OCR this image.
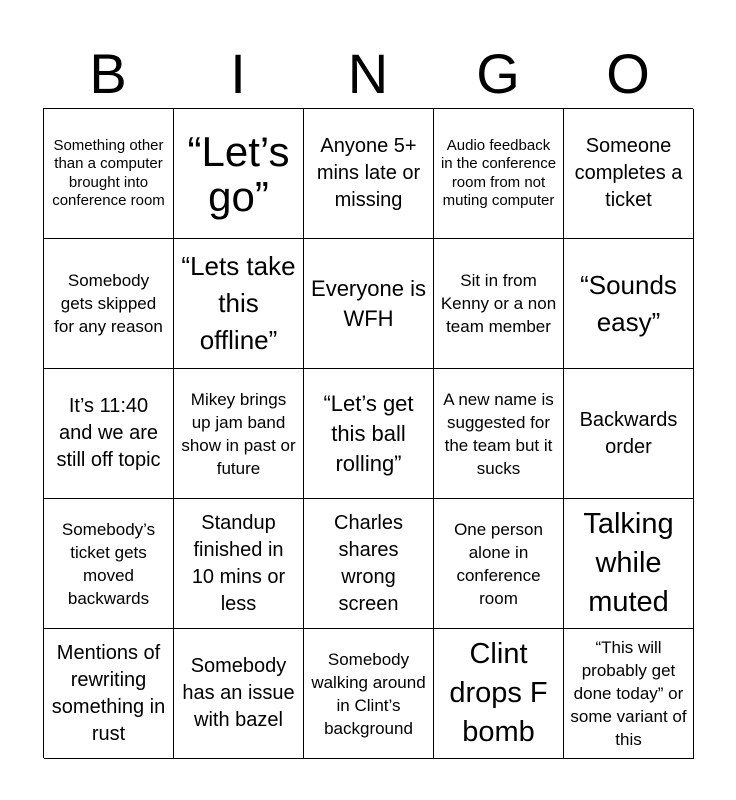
B	I	N	G	O
Something other than a computer brought into conference room
“Let’s go”
Anyone 5+ mins late or missing
Audio feedback in the conference room from not muting computer
Someone completes a ticket
Somebody gets skipped for any reason
“Lets take this offline”
Everyone is WFH
Sit in from Kenny or a non team member
“Sounds easy”
It’s 11:40 and we are still off topic
Mikey brings up jam band show in past or future
“Let’s get this ball rolling”
A new name is suggested for the team but it sucks
Backwards order
Somebody’s ticket gets moved backwards
Standup finished in 10 mins or less
Charles shares wrong screen
One person alone in conference room
Talking while muted
Mentions of rewriting something in rust
Somebody has an issue with bazel
Somebody walking around in Clint’s background
Clint drops F bomb
“This will probably get done today” or some variant of this
